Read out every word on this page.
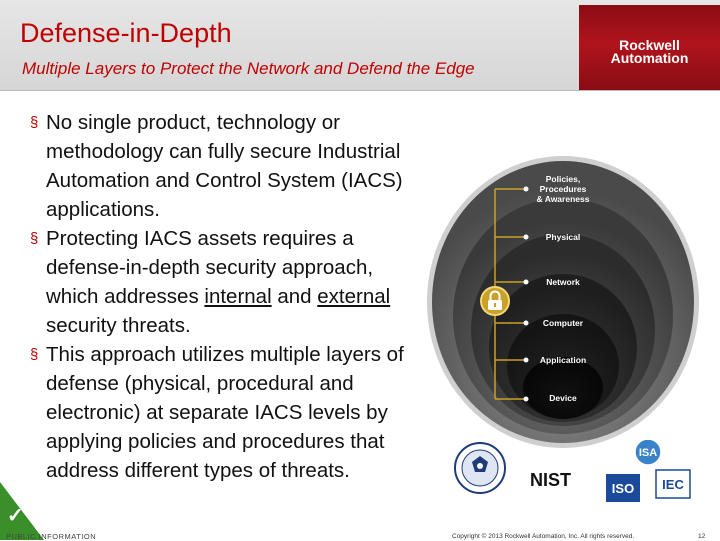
Defense-in-Depth
Multiple Layers to Protect the Network and Defend the Edge
Rockwell
Automation
§ No single product, technology or methodology can fully secure Industrial Automation and Control System (IACS) applications.
§ Protecting IACS assets requires a defense-in-depth security approach, which addresses internal and external security threats.
§ This approach utilizes multiple layers of defense (physical, procedural and electronic) at separate IACS levels by applying policies and procedures that address different types of threats.
Policies,
Procedures
& Awareness
Physical
Network
Computer
Application
Device
NIST
ISA
ISO IEC
✓
PUBLIC INFORMATION	Copyright © 2013 Rockwell Automation, Inc. All rights reserved.	12
